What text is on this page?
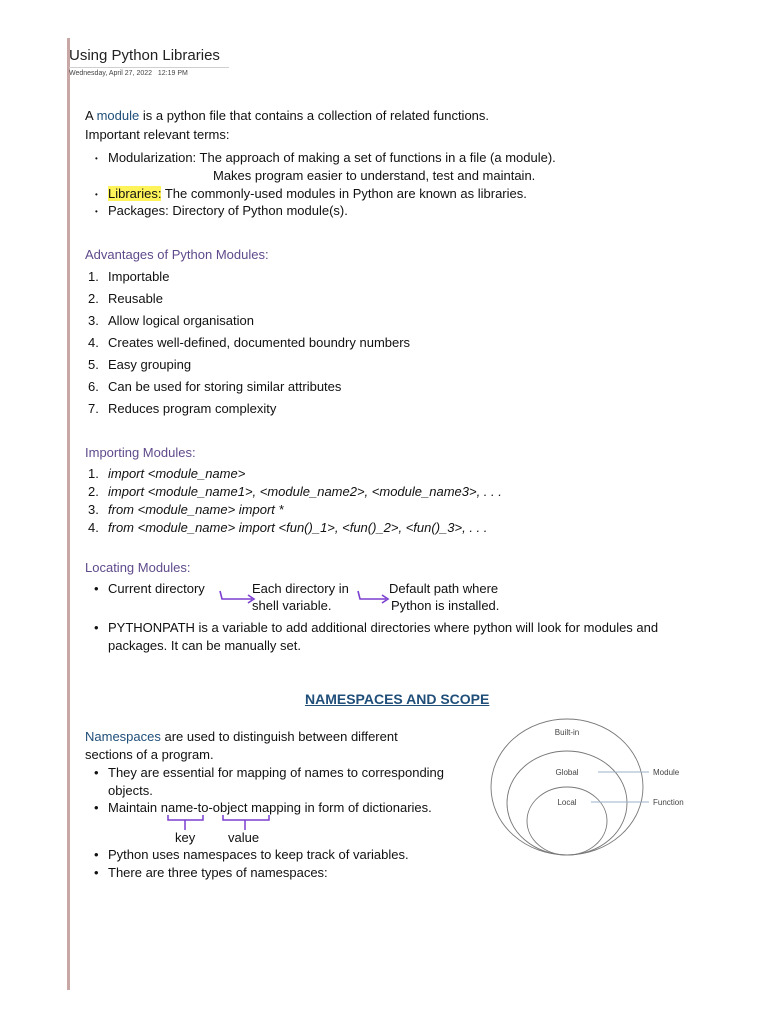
Using Python Libraries
Wednesday, April 27, 2022 12:19 PM
A module is a python file that contains a collection of related functions.
Important relevant terms:
• Modularization: The approach of making a set of functions in a file (a module).
Makes program easier to understand, test and maintain.
• Libraries: The commonly-used modules in Python are known as libraries.
• Packages: Directory of Python module(s).
Advantages of Python Modules:
1. Importable
2. Reusable
3. Allow logical organisation
4. Creates well-defined, documented boundry numbers
5. Easy grouping
6. Can be used for storing similar attributes
7. Reduces program complexity
Importing Modules:
1. import <module_name>
2. import <module_name1>, <module_name2>, <module_name3>, . . .
3. from <module_name> import *
4. from <module_name> import <fun()_1>, <fun()_2>, <fun()_3>, . . .
Locating Modules:
• Current directory	Each directory in
shell variable.
Default path where
Python is installed.
• PYTHONPATH is a variable to add additional directories where python will look for modules and
packages. It can be manually set.
NAMESPACES AND SCOPE
Namespaces are used to distinguish between different
sections of a program.
• They are essential for mapping of names to corresponding
objects.
• Maintain name-to-object mapping in form of dictionaries.
key	value
• Python uses namespaces to keep track of variables.
• There are three types of namespaces:
Built-in
Global
Local
Module
Function
